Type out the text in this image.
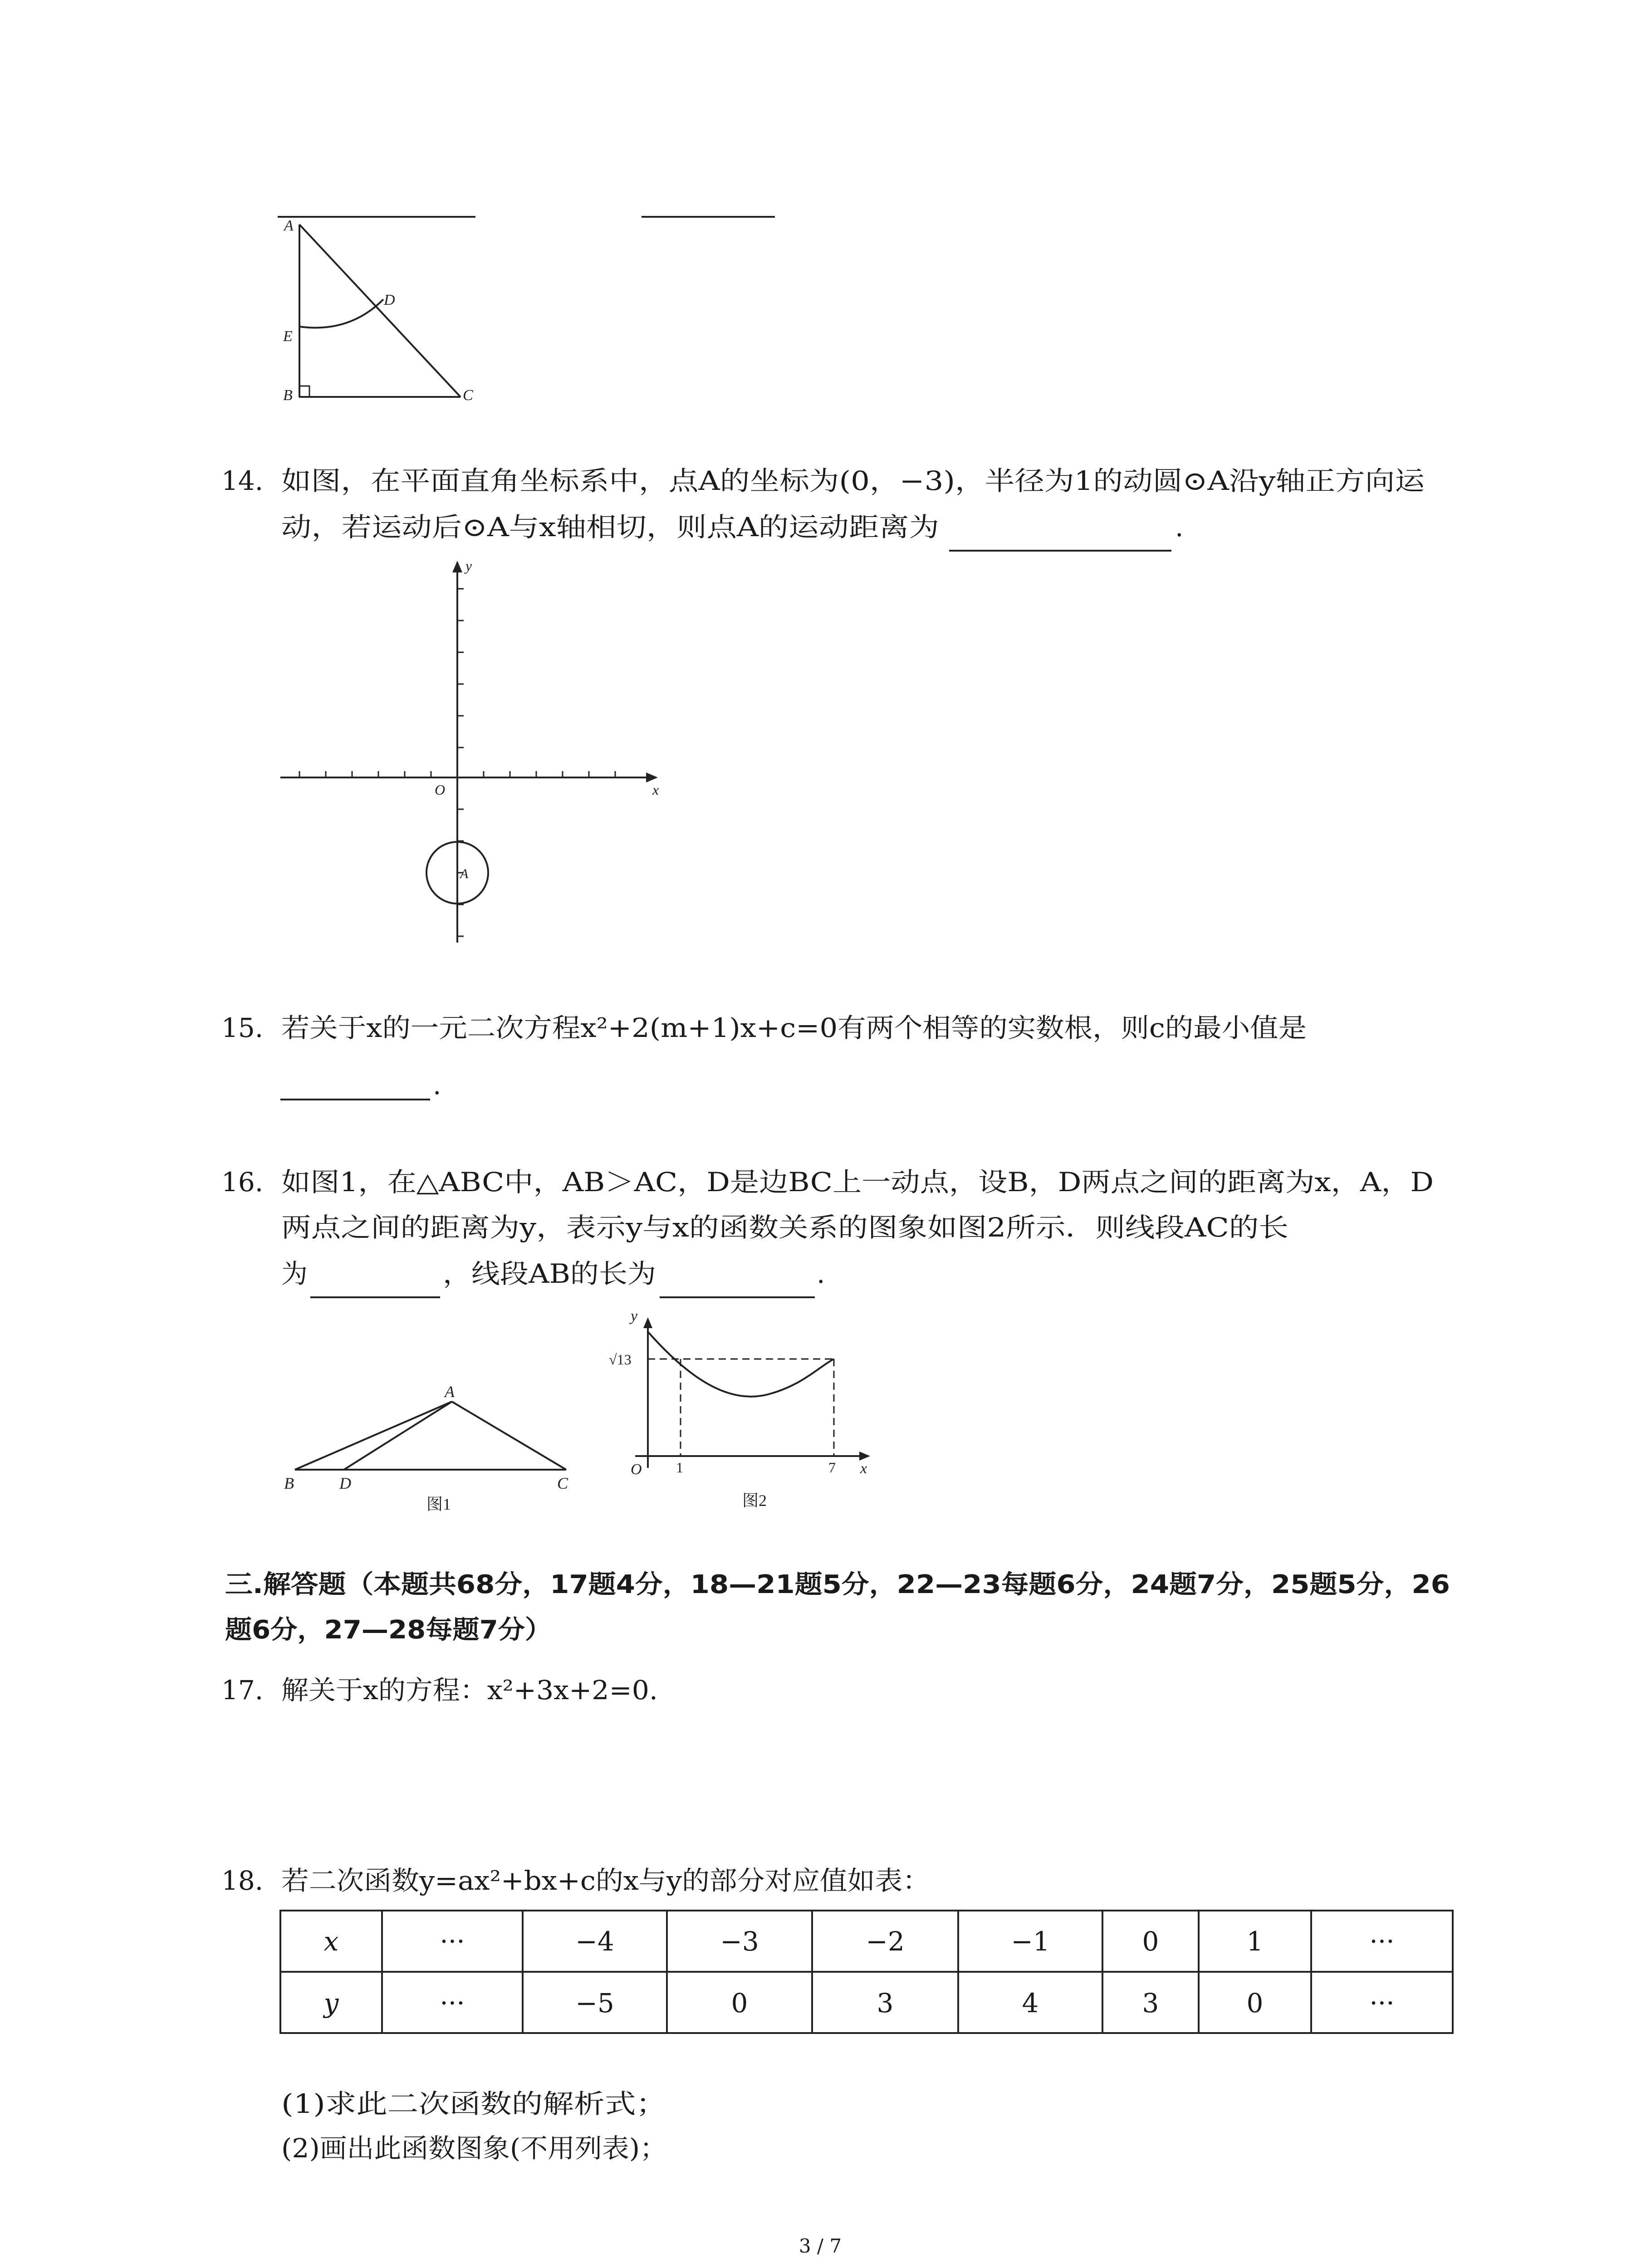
A
D
E
B	C
14. 如图，在平面直角坐标系中，点A的坐标为(0，−3)，半径为1的动圆⊙A沿y轴正方向运
动，若运动后⊙A与x轴相切，则点A的运动距离为	.
y
x
O
A
15. 若关于x的一元二次方程x²+2(m+1)x+c=0有两个相等的实数根，则c的最小值是
.
16. 如图1，在△ABC中，AB＞AC，D是边BC上一动点，设B，D两点之间的距离为x，A，D
两点之间的距离为y，表示y与x的函数关系的图象如图2所示．则线段AC的长
为	，线段AB的长为	.
A
B	D	C
图1
y
√13
O 1	7 x
图2
三.解答题（本题共68分，17题4分，18—21题5分，22—23每题6分，24题7分，25题5分，26
题6分，27—28每题7分）
17. 解关于x的方程：x²+3x+2=0.
18. 若二次函数y=ax²+bx+c的x与y的部分对应值如表：
x	···	−4	−3	−2	−1	0	1	···
y	···	−5	0	3	4	3	0	···
(1)求此二次函数的解析式；
(2)画出此函数图象(不用列表)；
3 / 7
